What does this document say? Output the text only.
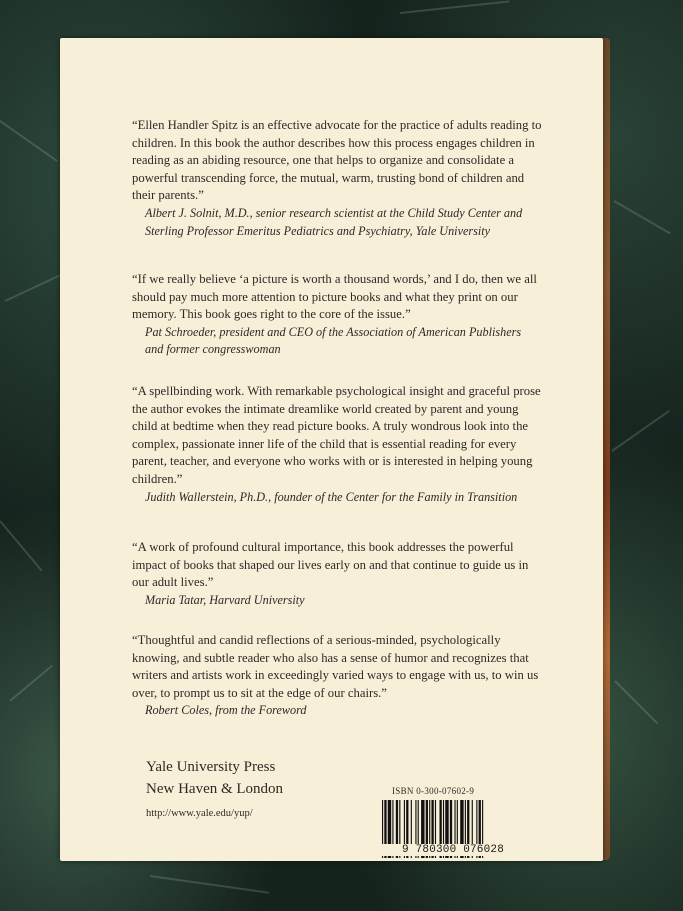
“Ellen Handler Spitz is an effective advocate for the practice of adults reading to children. In this book the author describes how this process engages children in reading as an abiding resource, one that helps to organize and consolidate a powerful transcending force, the mutual, warm, trusting bond of children and their parents.”

Albert J. Solnit, M.D., senior research scientist at the Child Study Center and Sterling Professor Emeritus Pediatrics and Psychiatry, Yale University

“If we really believe ‘a picture is worth a thousand words,’ and I do, then we all should pay much more attention to picture books and what they print on our memory. This book goes right to the core of the issue.”

Pat Schroeder, president and CEO of the Association of American Publishers and former congresswoman

“A spellbinding work. With remarkable psychological insight and graceful prose the author evokes the intimate dreamlike world created by parent and young child at bedtime when they read picture books. A truly wondrous look into the complex, passionate inner life of the child that is essential reading for every parent, teacher, and everyone who works with or is interested in helping young children.”

Judith Wallerstein, Ph.D., founder of the Center for the Family in Transition

“A work of profound cultural importance, this book addresses the powerful impact of books that shaped our lives early on and that continue to guide us in our adult lives.”

Maria Tatar, Harvard University

“Thoughtful and candid reflections of a serious-minded, psychologically knowing, and subtle reader who also has a sense of humor and recognizes that writers and artists work in exceedingly varied ways to engage with us, to win us over, to prompt us to sit at the edge of our chairs.”

Robert Coles, from the Foreword

Yale University Press
New Haven & London
http://www.yale.edu/yup/
ISBN 0-300-07602-9
9 780300 076028
